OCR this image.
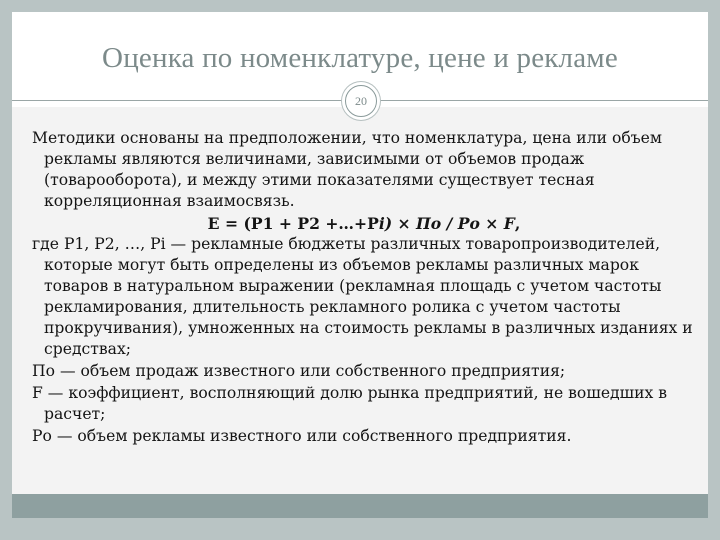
Оценка по номенклатуре, цене и рекламе
20

Методики основаны на предположении, что номенклатура, цена или объем рекламы являются величинами, зависимыми от объемов продаж (товарооборота), и между этими показателями существует тесная корреляционная взаимосвязь.

E = (P1 + P2 +…+Pi) × По / Ро × F,

где P1, P2, …, Pi — рекламные бюджеты различных товаропроизводителей, которые могут быть определены из объемов рекламы различных марок товаров в натуральном выражении (рекламная площадь с учетом частоты рекламирования, длительность рекламного ролика с учетом частоты прокручивания), умноженных на стоимость рекламы в различных изданиях и средствах;

По — объем продаж известного или собственного предприятия;

F — коэффициент, восполняющий долю рынка предприятий, не вошедших в расчет;

Ро — объем рекламы известного или собственного предприятия.
